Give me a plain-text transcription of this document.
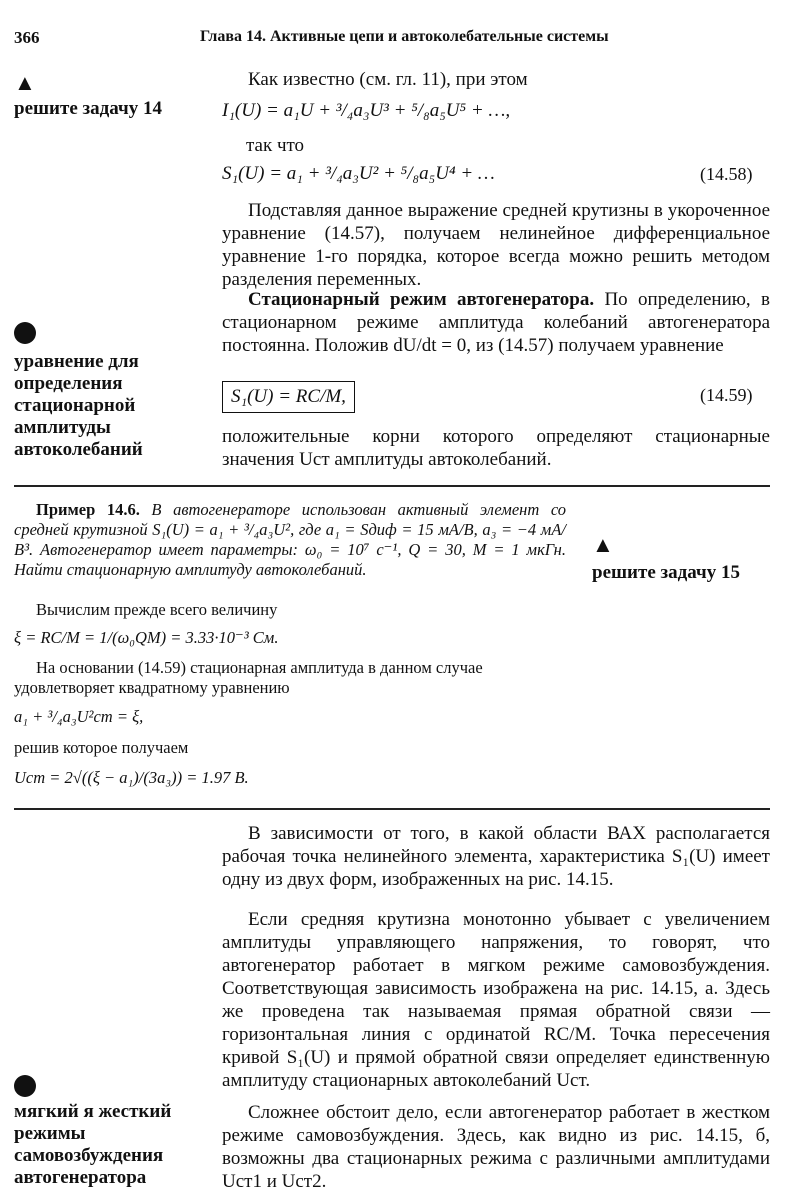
366	Глава 14. Активные цепи и автоколебательные системы
▲
решите задачу 14
уравнение для определения стационарной амплитуды автоколебаний
▲
решите задачу 15
мягкий я жесткий режимы самовозбуждения автогенератора
Как известно (см. гл. 11), при этом
I₁(U) = a₁U + ³/₄a₃U³ + ⁵/₈a₅U⁵ + …,
так что
S₁(U) = a₁ + ³/₄a₃U² + ⁵/₈a₅U⁴ + …	(14.58)
Подставляя данное выражение средней крутизны в укороченное уравнение (14.57), получаем нелинейное дифференциальное уравнение 1-го порядка, которое всегда можно решить методом разделения переменных.
Стационарный режим автогенератора. По определению, в стационарном режиме амплитуда колебаний автогенератора постоянна. Положив dU/dt = 0, из (14.57) получаем уравнение
S₁(U) = RC/M,	(14.59)
положительные корни которого определяют стационарные значения Uст амплитуды автоколебаний.
Пример 14.6. В автогенераторе использован активный элемент со средней крутизной S₁(U) = a₁ + ³/₄a₃U², где a₁ = Sдиф = 15 мА/В, a₃ = −4 мА/В³. Автогенератор имеет параметры: ω₀ = 10⁷ с⁻¹, Q = 30, M = 1 мкГн. Найти стационарную амплитуду автоколебаний.
Вычислим прежде всего величину
ξ = RC/M = 1/(ω₀QM) = 3.33·10⁻³ См.
На основании (14.59) стационарная амплитуда в данном случае удовлетворяет квадратному уравнению
a₁ + ³/₄a₃U²ст = ξ,
решив которое получаем
Uст = 2√((ξ − a₁)/(3a₃)) = 1.97 В.
В зависимости от того, в какой области ВАХ располагается рабочая точка нелинейного элемента, характеристика S₁(U) имеет одну из двух форм, изображенных на рис. 14.15.
Если средняя крутизна монотонно убывает с увеличением амплитуды управляющего напряжения, то говорят, что автогенератор работает в мягком режиме самовозбуждения. Соответствующая зависимость изображена на рис. 14.15, а. Здесь же проведена так называемая прямая обратной связи — горизонтальная линия с ординатой RC/M. Точка пересечения кривой S₁(U) и прямой обратной связи определяет единственную амплитуду стационарных автоколебаний Uст.
Сложнее обстоит дело, если автогенератор работает в жестком режиме самовозбуждения. Здесь, как видно из рис. 14.15, б, возможны два стационарных режима с различными амплитудами Uст1 и Uст2.
